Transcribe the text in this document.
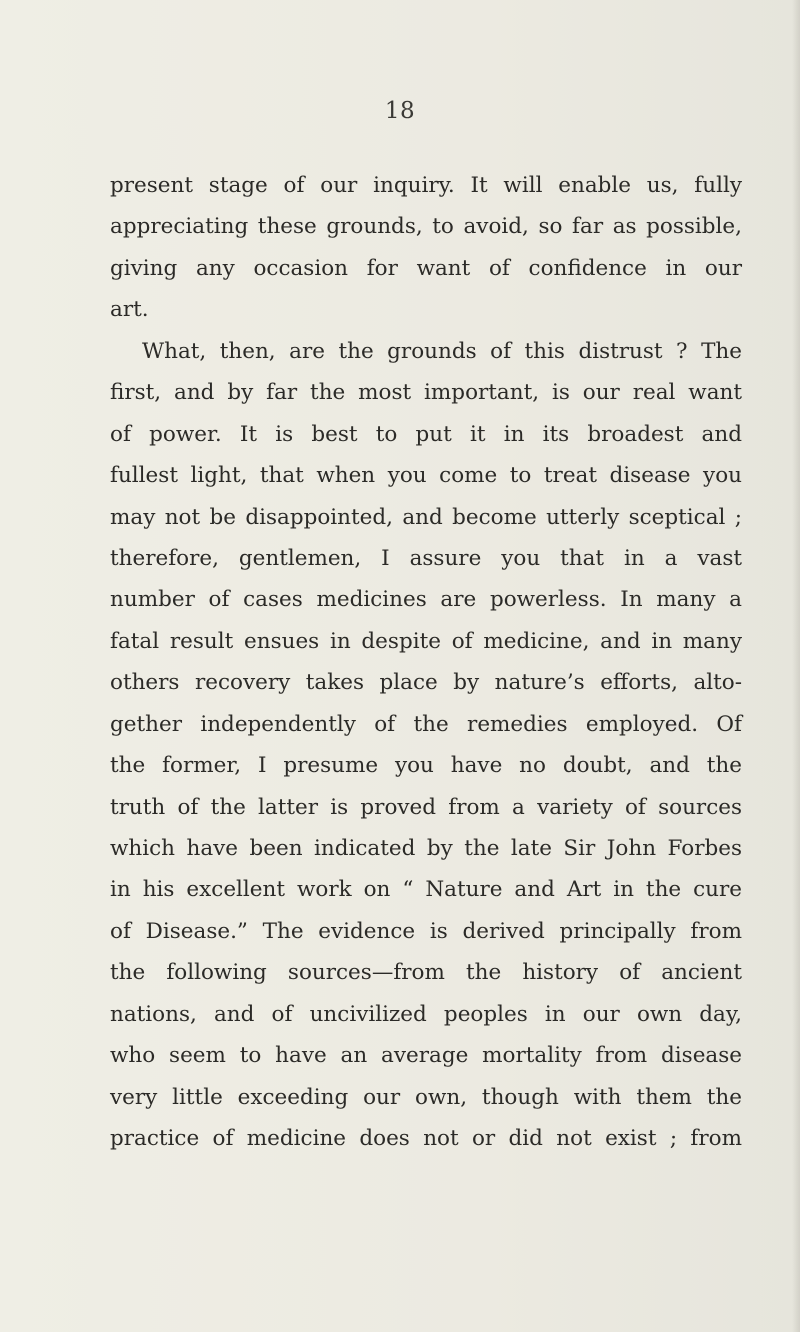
18
present stage of our inquiry. It will enable us, fully
appreciating these grounds, to avoid, so far as possible,
giving any occasion for want of confidence in our
art.
What, then, are the grounds of this distrust ? The
first, and by far the most important, is our real want
of power. It is best to put it in its broadest and
fullest light, that when you come to treat disease you
may not be disappointed, and become utterly sceptical ;
therefore, gentlemen, I assure you that in a vast
number of cases medicines are powerless. In many a
fatal result ensues in despite of medicine, and in many
others recovery takes place by nature’s efforts, alto-
gether independently of the remedies employed. Of
the former, I presume you have no doubt, and the
truth of the latter is proved from a variety of sources
which have been indicated by the late Sir John Forbes
in his excellent work on “ Nature and Art in the cure
of Disease.” The evidence is derived principally from
the following sources—from the history of ancient
nations, and of uncivilized peoples in our own day,
who seem to have an average mortality from disease
very little exceeding our own, though with them the
practice of medicine does not or did not exist ; from
